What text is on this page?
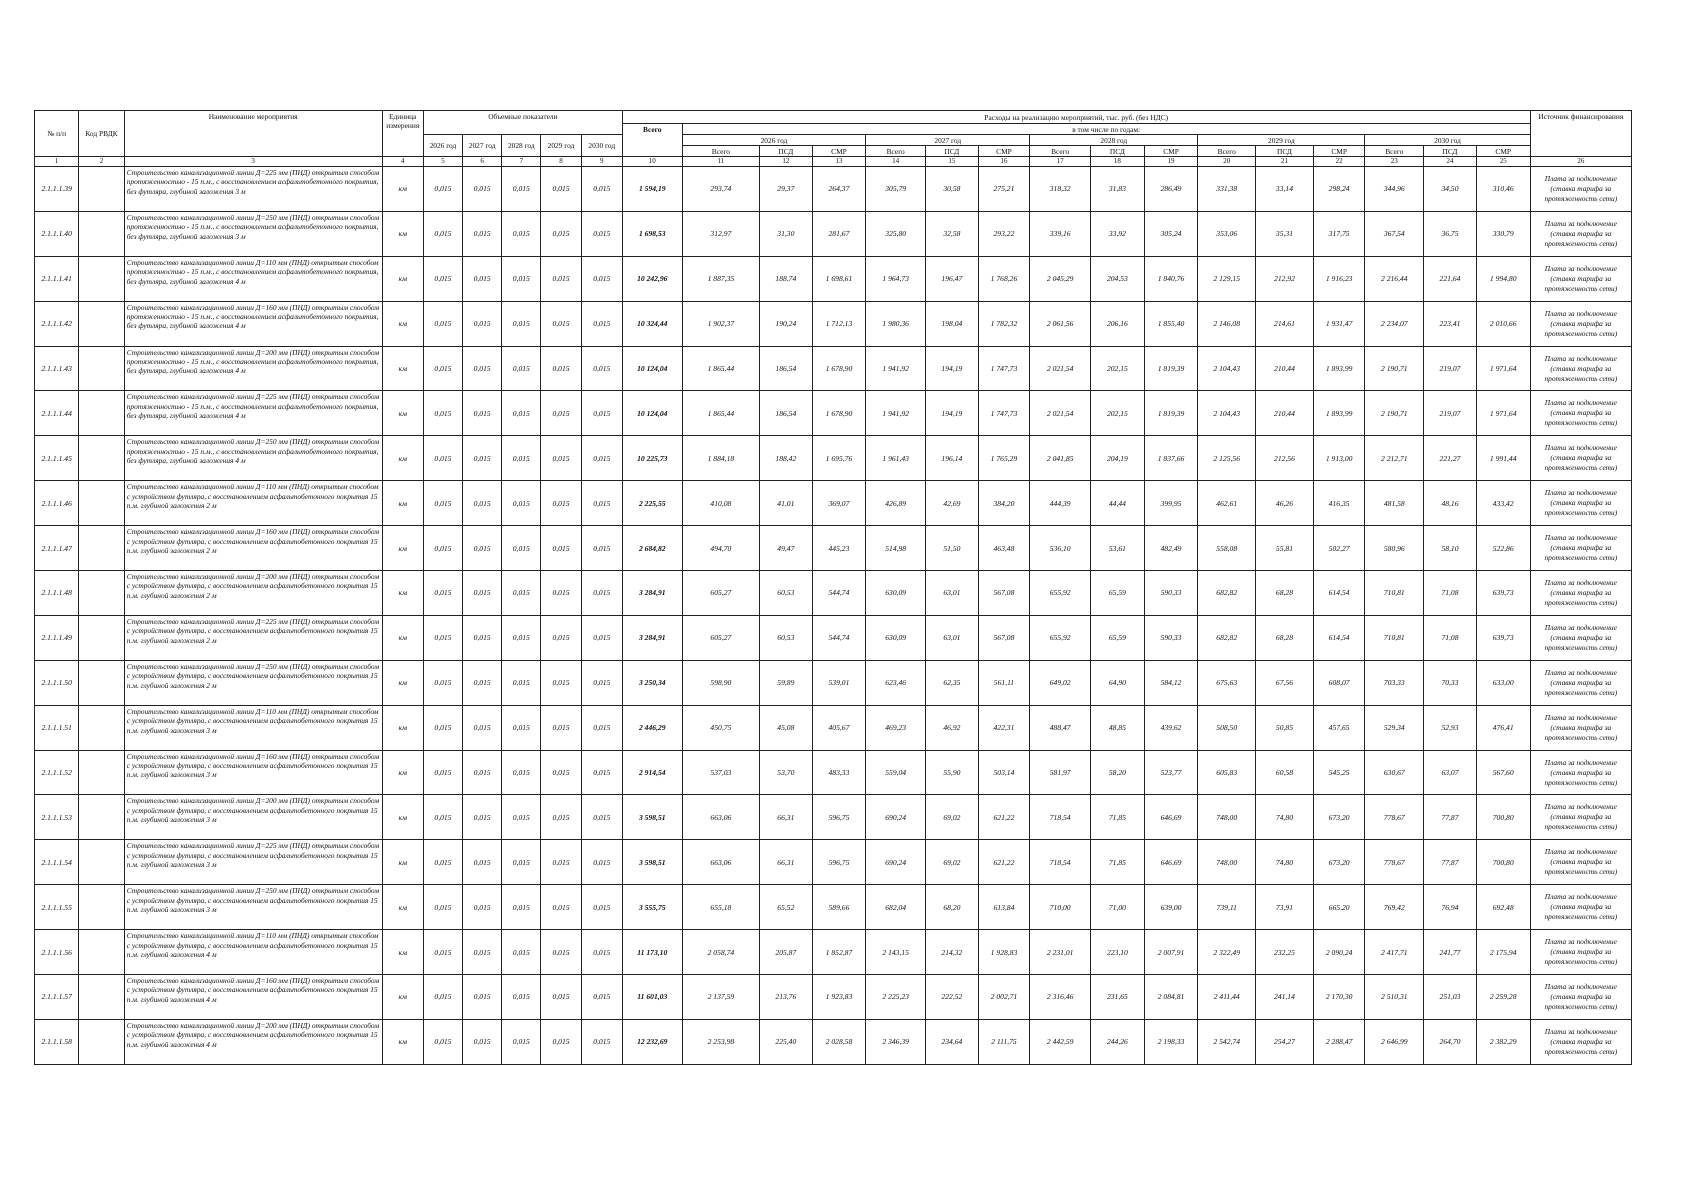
№ п/п	Код РВДК	Наименование мероприятия	Единица измерения	Объемные показатели					Расходы на реализацию мероприятий, тыс. руб. (без НДС)																Источник финансирования
									Всего	в том числе по годам:															
				2026 год	2027 год	2028 год	2029 год	2030 год		2026 год			2027 год			2028 год			2029 год			2030 год			
										Всего	ПСД	СМР	Всего	ПСД	СМР	Всего	ПСД	СМР	Всего	ПСД	СМР	Всего	ПСД	СМР	
1	2	3	4	5	6	7	8	9	10	11	12	13	14	15	16	17	18	19	20	21	22	23	24	25	26
2.1.1.1.39		Строительство канализационной линии Д=225 мм (ПНД) открытым способом протяженностью - 15 п.м., с восстановлением асфальтобетонного покрытия, без футляра, глубиной заложения 3 м	км	0,015	0,015	0,015	0,015	0,015	1 594,19	293,74	29,37	264,37	305,79	30,58	275,21	318,32	31,83	286,49	331,38	33,14	298,24	344,96	34,50	310,46	Плата за подключение (ставка тарифа за протяженность сети)
2.1.1.1.40		Строительство канализационной линии Д=250 мм (ПНД) открытым способом протяженностью - 15 п.м., с восстановлением асфальтобетонного покрытия, без футляра, глубиной заложения 3 м	км	0,015	0,015	0,015	0,015	0,015	1 698,53	312,97	31,30	281,67	325,80	32,58	293,22	339,16	33,92	305,24	353,06	35,31	317,75	367,54	36,75	330,79	Плата за подключение (ставка тарифа за протяженность сети)
2.1.1.1.41		Строительство канализационной линии Д=110 мм (ПНД) открытым способом протяженностью - 15 п.м., с восстановлением асфальтобетонного покрытия, без футляра, глубиной заложения 4 м	км	0,015	0,015	0,015	0,015	0,015	10 242,96	1 887,35	188,74	1 698,61	1 964,73	196,47	1 768,26	2 045,29	204,53	1 840,76	2 129,15	212,92	1 916,23	2 216,44	221,64	1 994,80	Плата за подключение (ставка тарифа за протяженность сети)
2.1.1.1.42		Строительство канализационной линии Д=160 мм (ПНД) открытым способом протяженностью - 15 п.м., с восстановлением асфальтобетонного покрытия, без футляра, глубиной заложения 4 м	км	0,015	0,015	0,015	0,015	0,015	10 324,44	1 902,37	190,24	1 712,13	1 980,36	198,04	1 782,32	2 061,56	206,16	1 855,40	2 146,08	214,61	1 931,47	2 234,07	223,41	2 010,66	Плата за подключение (ставка тарифа за протяженность сети)
2.1.1.1.43		Строительство канализационной линии Д=200 мм (ПНД) открытым способом протяженностью - 15 п.м., с восстановлением асфальтобетонного покрытия, без футляра, глубиной заложения 4 м	км	0,015	0,015	0,015	0,015	0,015	10 124,04	1 865,44	186,54	1 678,90	1 941,92	194,19	1 747,73	2 021,54	202,15	1 819,39	2 104,43	210,44	1 893,99	2 190,71	219,07	1 971,64	Плата за подключение (ставка тарифа за протяженность сети)
2.1.1.1.44		Строительство канализационной линии Д=225 мм (ПНД) открытым способом протяженностью - 15 п.м., с восстановлением асфальтобетонного покрытия, без футляра, глубиной заложения 4 м	км	0,015	0,015	0,015	0,015	0,015	10 124,04	1 865,44	186,54	1 678,90	1 941,92	194,19	1 747,73	2 021,54	202,15	1 819,39	2 104,43	210,44	1 893,99	2 190,71	219,07	1 971,64	Плата за подключение (ставка тарифа за протяженность сети)
2.1.1.1.45		Строительство канализационной линии Д=250 мм (ПНД) открытым способом протяженностью - 15 п.м., с восстановлением асфальтобетонного покрытия, без футляра, глубиной заложения 4 м	км	0,015	0,015	0,015	0,015	0,015	10 225,73	1 884,18	188,42	1 695,76	1 961,43	196,14	1 765,29	2 041,85	204,19	1 837,66	2 125,56	212,56	1 913,00	2 212,71	221,27	1 991,44	Плата за подключение (ставка тарифа за протяженность сети)
2.1.1.1.46		Строительство канализационной линии Д=110 мм (ПНД) открытым способом с устройством футляра, с восстановлением асфальтобетонного покрытия 15 п.м. глубиной заложения 2 м	км	0,015	0,015	0,015	0,015	0,015	2 225,55	410,08	41,01	369,07	426,89	42,69	384,20	444,39	44,44	399,95	462,61	46,26	416,35	481,58	48,16	433,42	Плата за подключение (ставка тарифа за протяженность сети)
2.1.1.1.47		Строительство канализационной линии Д=160 мм (ПНД) открытым способом с устройством футляра, с восстановлением асфальтобетонного покрытия 15 п.м. глубиной заложения 2 м	км	0,015	0,015	0,015	0,015	0,015	2 684,82	494,70	49,47	445,23	514,98	51,50	463,48	536,10	53,61	482,49	558,08	55,81	502,27	580,96	58,10	522,86	Плата за подключение (ставка тарифа за протяженность сети)
2.1.1.1.48		Строительство канализационной линии Д=200 мм (ПНД) открытым способом с устройством футляра, с восстановлением асфальтобетонного покрытия 15 п.м. глубиной заложения 2 м	км	0,015	0,015	0,015	0,015	0,015	3 284,91	605,27	60,53	544,74	630,09	63,01	567,08	655,92	65,59	590,33	682,82	68,28	614,54	710,81	71,08	639,73	Плата за подключение (ставка тарифа за протяженность сети)
2.1.1.1.49		Строительство канализационной линии Д=225 мм (ПНД) открытым способом с устройством футляра, с восстановлением асфальтобетонного покрытия 15 п.м. глубиной заложения 2 м	км	0,015	0,015	0,015	0,015	0,015	3 284,91	605,27	60,53	544,74	630,09	63,01	567,08	655,92	65,59	590,33	682,82	68,28	614,54	710,81	71,08	639,73	Плата за подключение (ставка тарифа за протяженность сети)
2.1.1.1.50		Строительство канализационной линии Д=250 мм (ПНД) открытым способом с устройством футляра, с восстановлением асфальтобетонного покрытия 15 п.м. глубиной заложения 2 м	км	0,015	0,015	0,015	0,015	0,015	3 250,34	598,90	59,89	539,01	623,46	62,35	561,11	649,02	64,90	584,12	675,63	67,56	608,07	703,33	70,33	633,00	Плата за подключение (ставка тарифа за протяженность сети)
2.1.1.1.51		Строительство канализационной линии Д=110 мм (ПНД) открытым способом с устройством футляра, с восстановлением асфальтобетонного покрытия 15 п.м. глубиной заложения 3 м	км	0,015	0,015	0,015	0,015	0,015	2 446,29	450,75	45,08	405,67	469,23	46,92	422,31	488,47	48,85	439,62	508,50	50,85	457,65	529,34	52,93	476,41	Плата за подключение (ставка тарифа за протяженность сети)
2.1.1.1.52		Строительство канализационной линии Д=160 мм (ПНД) открытым способом с устройством футляра, с восстановлением асфальтобетонного покрытия 15 п.м. глубиной заложения 3 м	км	0,015	0,015	0,015	0,015	0,015	2 914,54	537,03	53,70	483,33	559,04	55,90	503,14	581,97	58,20	523,77	605,83	60,58	545,25	630,67	63,07	567,60	Плата за подключение (ставка тарифа за протяженность сети)
2.1.1.1.53		Строительство канализационной линии Д=200 мм (ПНД) открытым способом с устройством футляра, с восстановлением асфальтобетонного покрытия 15 п.м. глубиной заложения 3 м	км	0,015	0,015	0,015	0,015	0,015	3 598,51	663,06	66,31	596,75	690,24	69,02	621,22	718,54	71,85	646,69	748,00	74,80	673,20	778,67	77,87	700,80	Плата за подключение (ставка тарифа за протяженность сети)
2.1.1.1.54		Строительство канализационной линии Д=225 мм (ПНД) открытым способом с устройством футляра, с восстановлением асфальтобетонного покрытия 15 п.м. глубиной заложения 3 м	км	0,015	0,015	0,015	0,015	0,015	3 598,51	663,06	66,31	596,75	690,24	69,02	621,22	718,54	71,85	646,69	748,00	74,80	673,20	778,67	77,87	700,80	Плата за подключение (ставка тарифа за протяженность сети)
2.1.1.1.55		Строительство канализационной линии Д=250 мм (ПНД) открытым способом с устройством футляра, с восстановлением асфальтобетонного покрытия 15 п.м. глубиной заложения 3 м	км	0,015	0,015	0,015	0,015	0,015	3 555,75	655,18	65,52	589,66	682,04	68,20	613,84	710,00	71,00	639,00	739,11	73,91	665,20	769,42	76,94	692,48	Плата за подключение (ставка тарифа за протяженность сети)
2.1.1.1.56		Строительство канализационной линии Д=110 мм (ПНД) открытым способом с устройством футляра, с восстановлением асфальтобетонного покрытия 15 п.м. глубиной заложения 4 м	км	0,015	0,015	0,015	0,015	0,015	11 173,10	2 058,74	205,87	1 852,87	2 143,15	214,32	1 928,83	2 231,01	223,10	2 007,91	2 322,49	232,25	2 090,24	2 417,71	241,77	2 175,94	Плата за подключение (ставка тарифа за протяженность сети)
2.1.1.1.57		Строительство канализационной линии Д=160 мм (ПНД) открытым способом с устройством футляра, с восстановлением асфальтобетонного покрытия 15 п.м. глубиной заложения 4 м	км	0,015	0,015	0,015	0,015	0,015	11 601,03	2 137,59	213,76	1 923,83	2 225,23	222,52	2 002,71	2 316,46	231,65	2 084,81	2 411,44	241,14	2 170,30	2 510,31	251,03	2 259,28	Плата за подключение (ставка тарифа за протяженность сети)
2.1.1.1.58		Строительство канализационной линии Д=200 мм (ПНД) открытым способом с устройством футляра, с восстановлением асфальтобетонного покрытия 15 п.м. глубиной заложения 4 м	км	0,015	0,015	0,015	0,015	0,015	12 232,69	2 253,98	225,40	2 028,58	2 346,39	234,64	2 111,75	2 442,59	244,26	2 198,33	2 542,74	254,27	2 288,47	2 646,99	264,70	2 382,29	Плата за подключение (ставка тарифа за протяженность сети)
